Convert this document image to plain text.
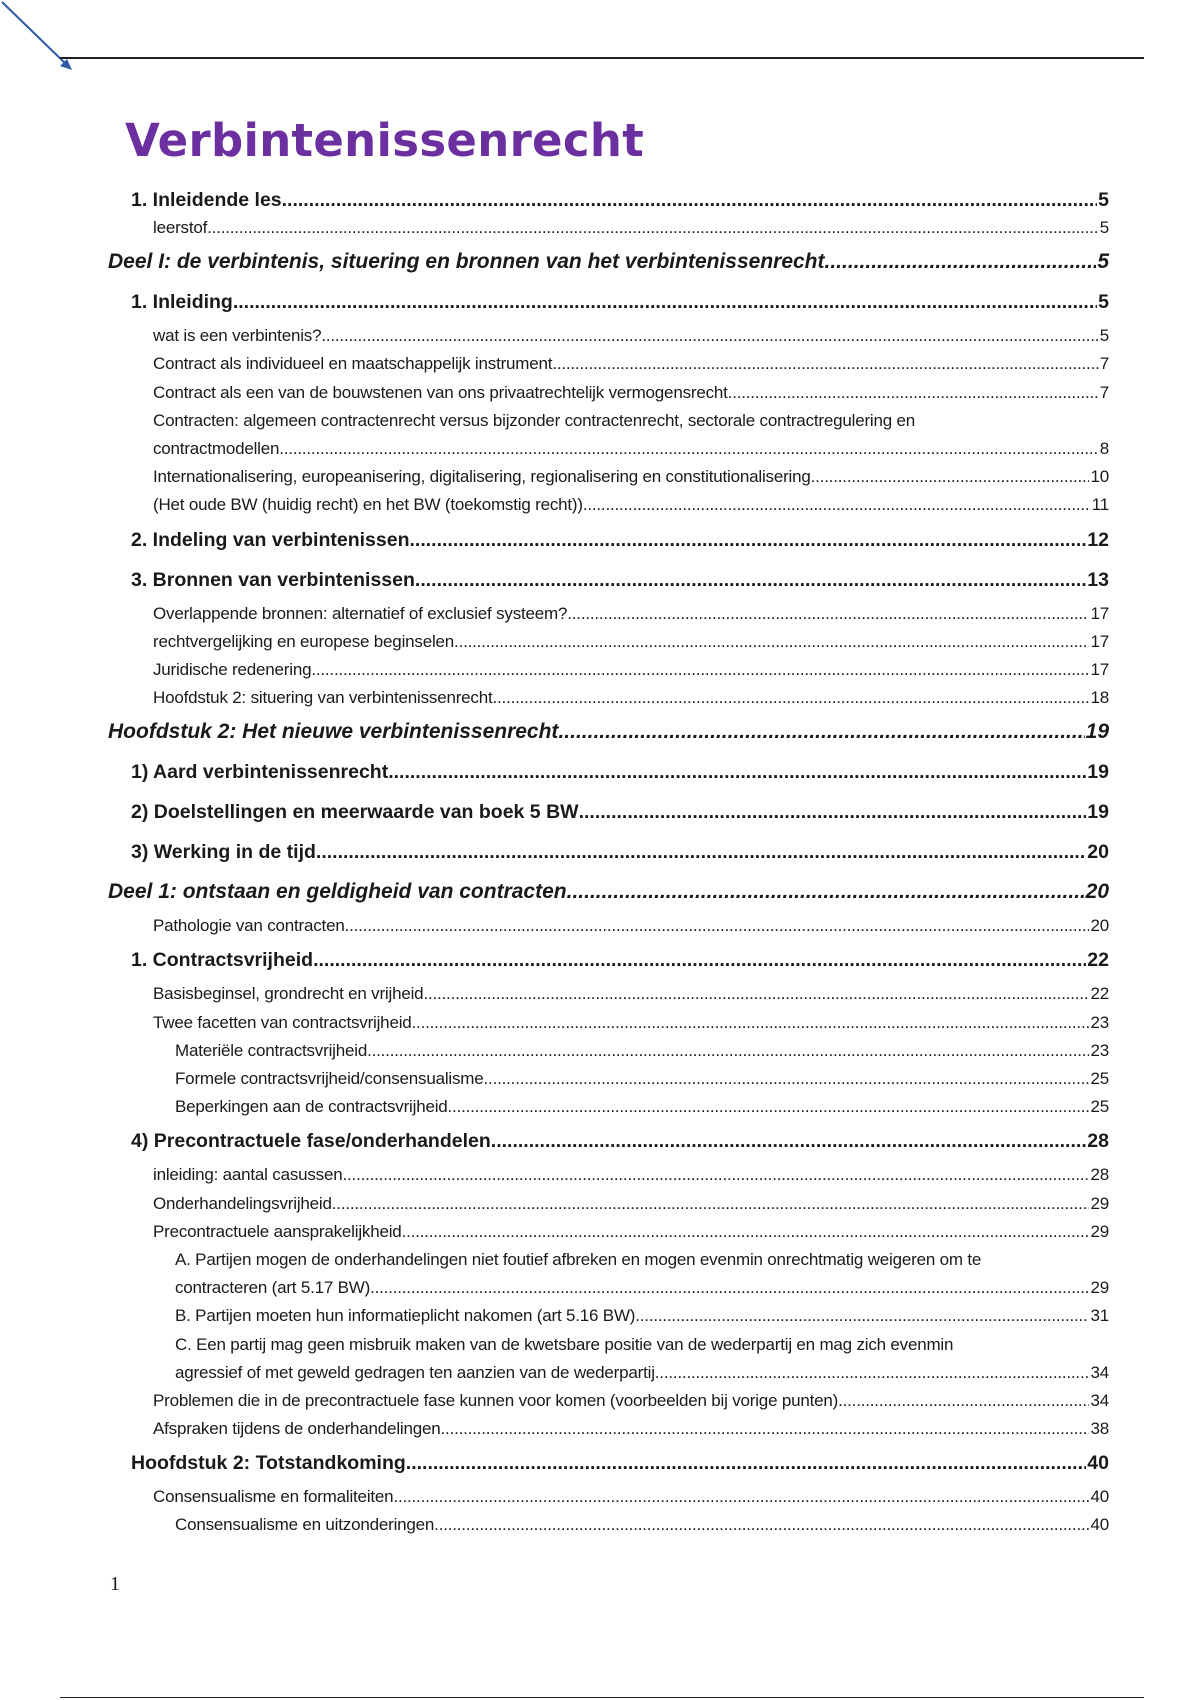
Verbintenissenrecht
1. Inleidende les .....	5
leerstof .....	5
Deel I: de verbintenis, situering en bronnen van het verbintenissenrecht .....	5
1. Inleiding .....	5
wat is een verbintenis? .....	5
Contract als individueel en maatschappelijk instrument .....	7
Contract als een van de bouwstenen van ons privaatrechtelijk vermogensrecht .....	7
Contracten: algemeen contractenrecht versus bijzonder contractenrecht, sectorale contractregulering en
contractmodellen .....	8
Internationalisering, europeanisering, digitalisering, regionalisering en constitutionalisering .....	10
(Het oude BW (huidig recht) en het BW (toekomstig recht)) .....	11
2. Indeling van verbintenissen .....	12
3. Bronnen van verbintenissen .....	13
Overlappende bronnen: alternatief of exclusief systeem? .....	17
rechtvergelijking en europese beginselen .....	17
Juridische redenering .....	17
Hoofdstuk 2: situering van verbintenissenrecht .....	18
Hoofdstuk 2: Het nieuwe verbintenissenrecht .....	19
1) Aard verbintenissenrecht .....	19
2) Doelstellingen en meerwaarde van boek 5 BW .....	19
3) Werking in de tijd .....	20
Deel 1: ontstaan en geldigheid van contracten .....	20
Pathologie van contracten .....	20
1. Contractsvrijheid .....	22
Basisbeginsel, grondrecht en vrijheid .....	22
Twee facetten van contractsvrijheid .....	23
Materiële contractsvrijheid .....	23
Formele contractsvrijheid/consensualisme .....	25
Beperkingen aan de contractsvrijheid .....	25
4) Precontractuele fase/onderhandelen .....	28
inleiding: aantal casussen .....	28
Onderhandelingsvrijheid .....	29
Precontractuele aansprakelijkheid .....	29
A. Partijen mogen de onderhandelingen niet foutief afbreken en mogen evenmin onrechtmatig weigeren om te
contracteren (art 5.17 BW) .....	29
B. Partijen moeten hun informatieplicht nakomen (art 5.16 BW) .....	31
C. Een partij mag geen misbruik maken van de kwetsbare positie van de wederpartij en mag zich evenmin
agressief of met geweld gedragen ten aanzien van de wederpartij .....	34
Problemen die in de precontractuele fase kunnen voor komen (voorbeelden bij vorige punten) .....	34
Afspraken tijdens de onderhandelingen .....	38
Hoofdstuk 2: Totstandkoming .....	40
Consensualisme en formaliteiten .....	40
Consensualisme en uitzonderingen .....	40
1
